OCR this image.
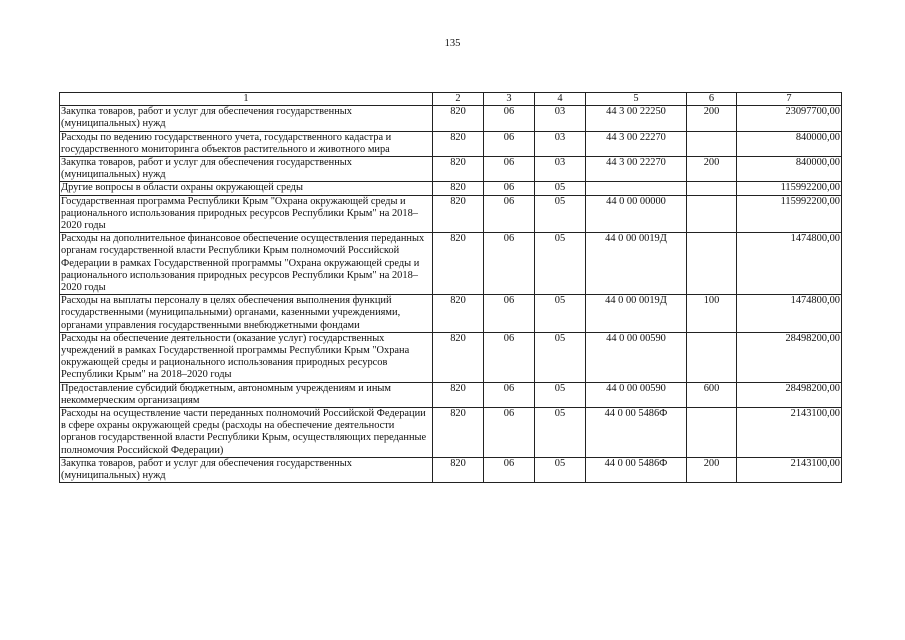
135
1	2	3	4	5	6	7
Закупка товаров, работ и услуг для обеспечения государственных (муниципальных) нужд	820	06	03	44 3 00 22250	200	23097700,00
Расходы по ведению государственного учета, государственного кадастра и государственного мониторинга объектов растительного и животного мира	820	06	03	44 3 00 22270		840000,00
Закупка товаров, работ и услуг для обеспечения государственных (муниципальных) нужд	820	06	03	44 3 00 22270	200	840000,00
Другие вопросы в области охраны окружающей среды	820	06	05			115992200,00
Государственная программа Республики Крым "Охрана окружающей среды и рационального использования природных ресурсов Республики Крым" на 2018–2020 годы	820	06	05	44 0 00 00000		115992200,00
Расходы на дополнительное финансовое обеспечение осуществления переданных органам государственной власти Республики Крым полномочий Российской Федерации в рамках Государственной программы "Охрана окружающей среды и рационального использования природных ресурсов Республики Крым" на 2018–2020 годы	820	06	05	44 0 00 0019Д		1474800,00
Расходы на выплаты персоналу в целях обеспечения выполнения функций государственными (муниципальными) органами, казенными учреждениями, органами управления государственными внебюджетными фондами	820	06	05	44 0 00 0019Д	100	1474800,00
Расходы на обеспечение деятельности (оказание услуг) государственных учреждений в рамках Государственной программы Республики Крым "Охрана окружающей среды и рационального использования природных ресурсов Республики Крым" на 2018–2020 годы	820	06	05	44 0 00 00590		28498200,00
Предоставление субсидий бюджетным, автономным учреждениям и иным некоммерческим организациям	820	06	05	44 0 00 00590	600	28498200,00
Расходы на осуществление части переданных полномочий Российской Федерации в сфере охраны окружающей среды (расходы на обеспечение деятельности органов государственной власти Республики Крым, осуществляющих переданные полномочия Российской Федерации)	820	06	05	44 0 00 5486Ф		2143100,00
Закупка товаров, работ и услуг для обеспечения государственных (муниципальных) нужд	820	06	05	44 0 00 5486Ф	200	2143100,00
